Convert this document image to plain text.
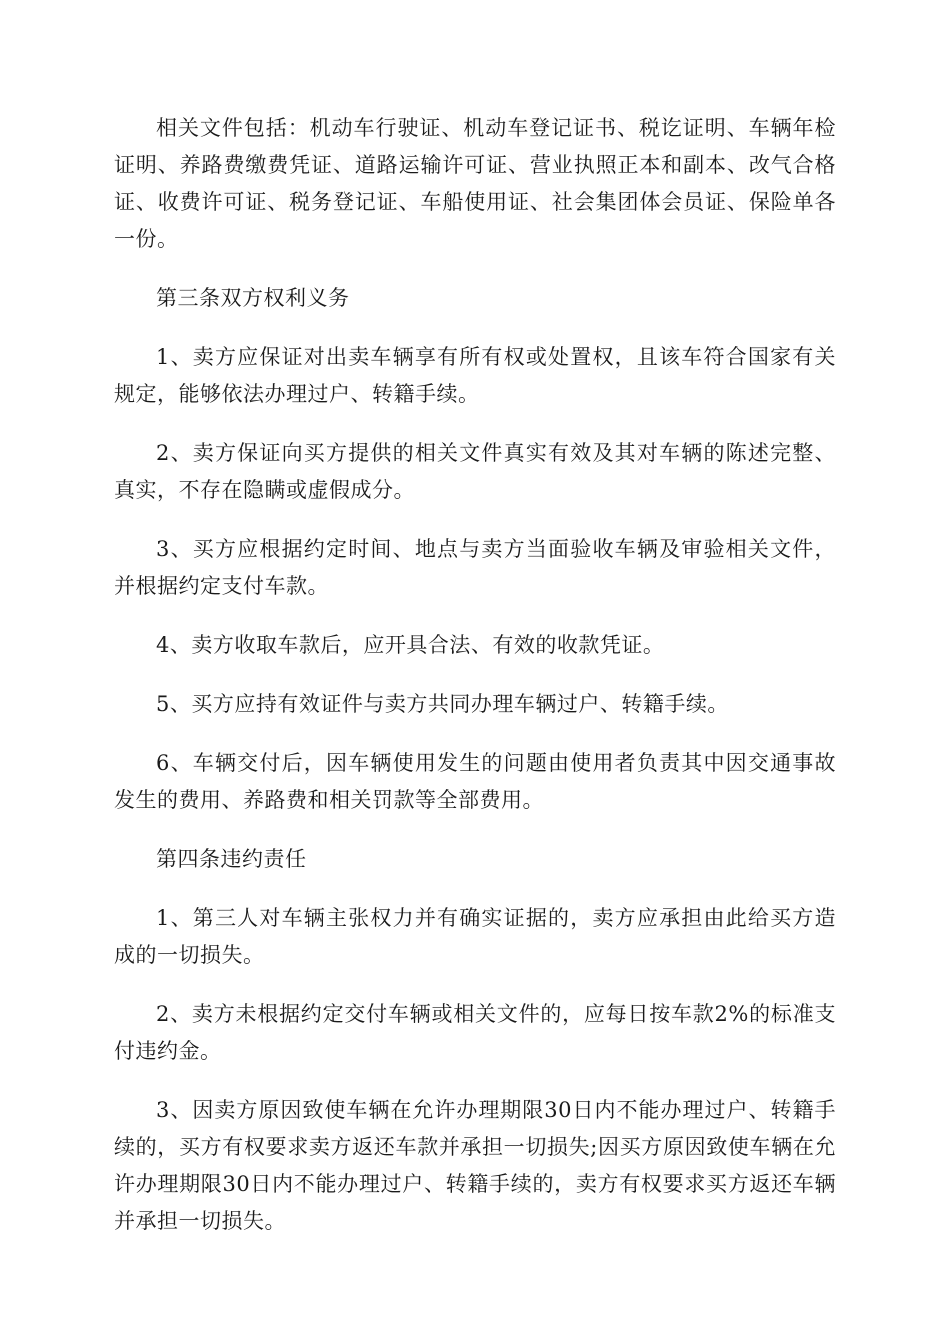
相关文件包括：机动车行驶证、机动车登记证书、税讫证明、车辆年检证明、养路费缴费凭证、道路运输许可证、营业执照正本和副本、改气合格证、收费许可证、税务登记证、车船使用证、社会集团体会员证、保险单各一份。

第三条双方权利义务

1、卖方应保证对出卖车辆享有所有权或处置权，且该车符合国家有关规定，能够依法办理过户、转籍手续。

2、卖方保证向买方提供的相关文件真实有效及其对车辆的陈述完整、真实，不存在隐瞒或虚假成分。

3、买方应根据约定时间、地点与卖方当面验收车辆及审验相关文件，并根据约定支付车款。

4、卖方收取车款后，应开具合法、有效的收款凭证。

5、买方应持有效证件与卖方共同办理车辆过户、转籍手续。

6、车辆交付后，因车辆使用发生的问题由使用者负责其中因交通事故发生的费用、养路费和相关罚款等全部费用。

第四条违约责任

1、第三人对车辆主张权力并有确实证据的，卖方应承担由此给买方造成的一切损失。

2、卖方未根据约定交付车辆或相关文件的，应每日按车款2%的标准支付违约金。

3、因卖方原因致使车辆在允许办理期限30日内不能办理过户、转籍手续的，买方有权要求卖方返还车款并承担一切损失;因买方原因致使车辆在允许办理期限30日内不能办理过户、转籍手续的，卖方有权要求买方返还车辆并承担一切损失。
